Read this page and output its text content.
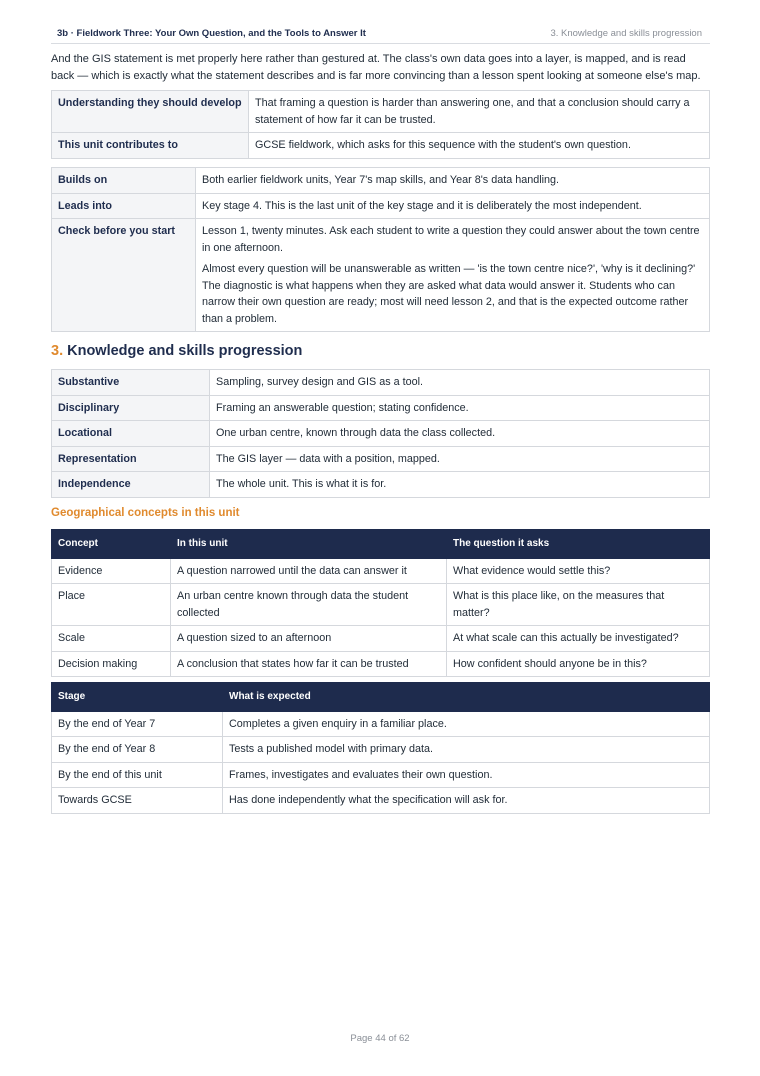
3b · Fieldwork Three: Your Own Question, and the Tools to Answer It	3. Knowledge and skills progression

And the GIS statement is met properly here rather than gestured at. The class's own data goes into a layer, is mapped, and is read back — which is exactly what the statement describes and is far more convincing than a lesson spent looking at someone else's map.

Understanding they should develop	That framing a question is harder than answering one, and that a conclusion should carry a statement of how far it can be trusted.
This unit contributes to	GCSE fieldwork, which asks for this sequence with the student's own question.
Builds on	Both earlier fieldwork units, Year 7's map skills, and Year 8's data handling.
Leads into	Key stage 4. This is the last unit of the key stage and it is deliberately the most independent.
Check before you start	Lesson 1, twenty minutes. Ask each student to write a question they could answer about the town centre in one afternoon.

Almost every question will be unanswerable as written — 'is the town centre nice?', 'why is it declining?' The diagnostic is what happens when they are asked what data would answer it. Students who can narrow their own question are ready; most will need lesson 2, and that is the expected outcome rather than a problem.

3. Knowledge and skills progression
Substantive	Sampling, survey design and GIS as a tool.
Disciplinary	Framing an answerable question; stating confidence.
Locational	One urban centre, known through data the class collected.
Representation	The GIS layer — data with a position, mapped.
Independence	The whole unit. This is what it is for.
Geographical concepts in this unit
Concept	In this unit	The question it asks
Evidence	A question narrowed until the data can answer it	What evidence would settle this?
Place	An urban centre known through data the student collected	What is this place like, on the measures that matter?
Scale	A question sized to an afternoon	At what scale can this actually be investigated?
Decision making	A conclusion that states how far it can be trusted	How confident should anyone be in this?
Stage	What is expected
By the end of Year 7	Completes a given enquiry in a familiar place.
By the end of Year 8	Tests a published model with primary data.
By the end of this unit	Frames, investigates and evaluates their own question.
Towards GCSE	Has done independently what the specification will ask for.
Page 44 of 62
